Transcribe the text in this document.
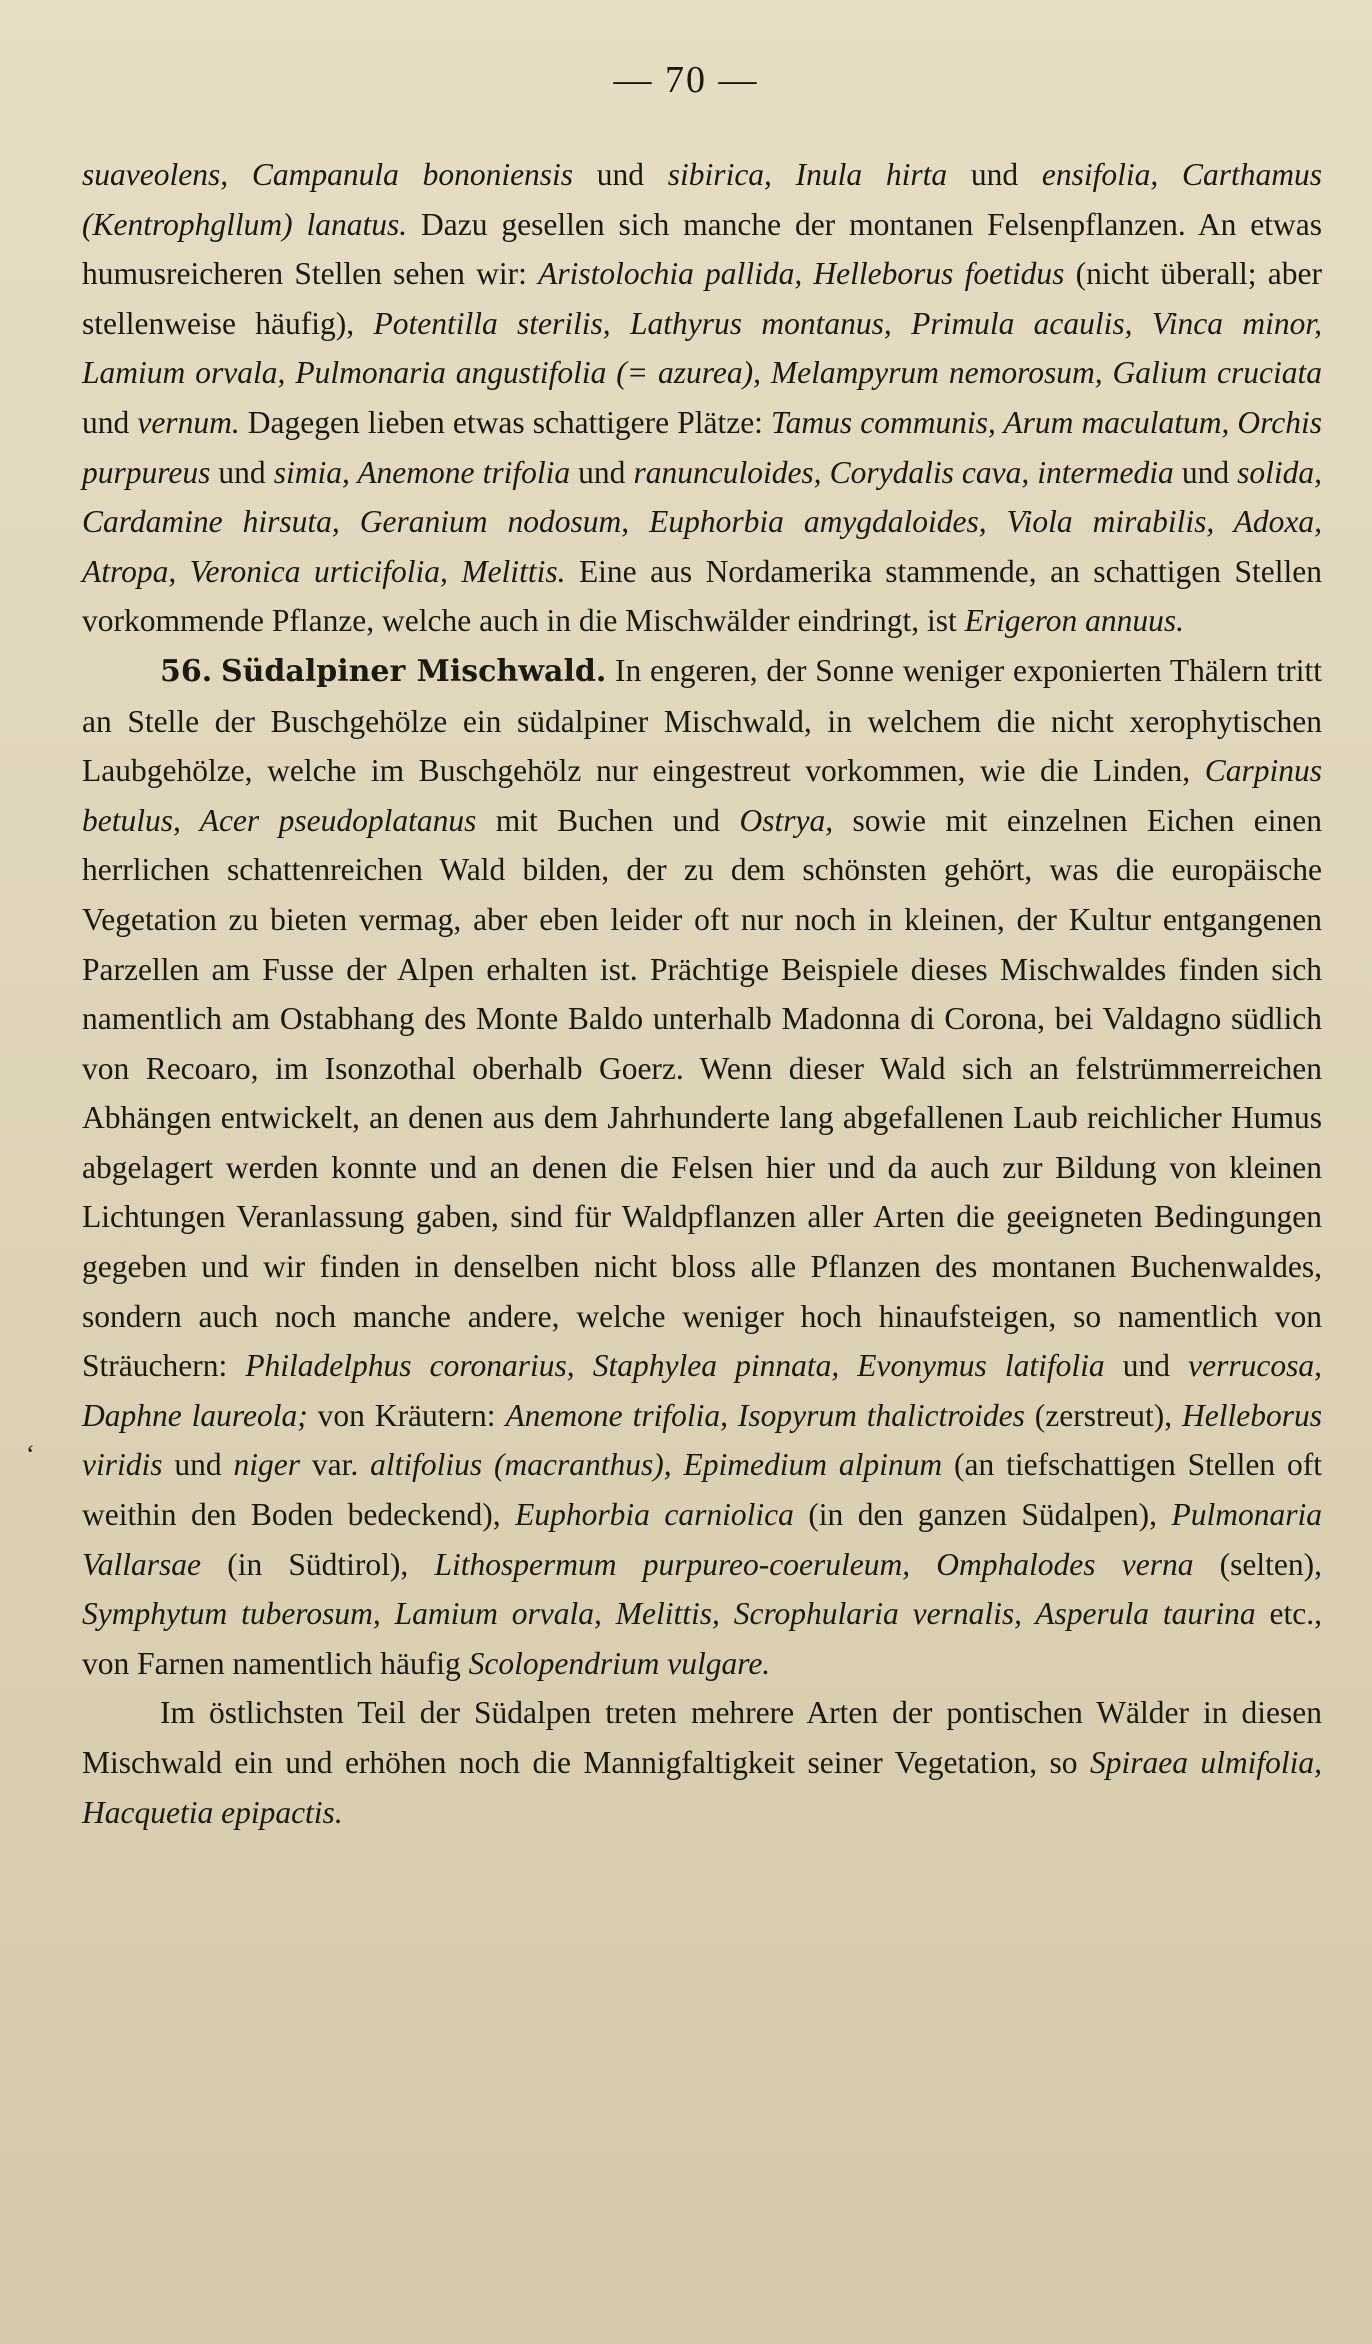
— 70 —
‘

suaveolens, Campanula bononiensis und sibirica, Inula hirta und ensifolia, Carthamus (Kentrophgllum) lanatus. Dazu gesellen sich manche der montanen Felsenpflanzen. An etwas humusreicheren Stellen sehen wir: Aristolochia pallida, Helleborus foetidus (nicht überall; aber stellenweise häufig), Potentilla sterilis, Lathyrus montanus, Primula acaulis, Vinca minor, Lamium orvala, Pulmonaria angustifolia (= azurea), Melampyrum nemorosum, Galium cruciata und vernum. Dagegen lieben etwas schattigere Plätze: Tamus communis, Arum maculatum, Orchis purpureus und simia, Anemone trifolia und ranunculoides, Corydalis cava, intermedia und solida, Cardamine hirsuta, Geranium nodosum, Euphorbia amygdaloides, Viola mirabilis, Adoxa, Atropa, Veronica urticifolia, Melittis. Eine aus Nordamerika stammende, an schattigen Stellen vorkommende Pflanze, welche auch in die Mischwälder eindringt, ist Erigeron annuus.

56. Südalpiner Mischwald. In engeren, der Sonne weniger exponierten Thälern tritt an Stelle der Buschgehölze ein südalpiner Mischwald, in welchem die nicht xerophytischen Laubgehölze, welche im Buschgehölz nur eingestreut vorkommen, wie die Linden, Carpinus betulus, Acer pseudoplatanus mit Buchen und Ostrya, sowie mit einzelnen Eichen einen herrlichen schattenreichen Wald bilden, der zu dem schönsten gehört, was die europäische Vegetation zu bieten vermag, aber eben leider oft nur noch in kleinen, der Kultur entgangenen Parzellen am Fusse der Alpen erhalten ist. Prächtige Beispiele dieses Mischwaldes finden sich namentlich am Ostabhang des Monte Baldo unterhalb Madonna di Corona, bei Valdagno südlich von Recoaro, im Isonzothal oberhalb Goerz. Wenn dieser Wald sich an felstrümmerreichen Abhängen entwickelt, an denen aus dem Jahrhunderte lang abgefallenen Laub reichlicher Humus abgelagert werden konnte und an denen die Felsen hier und da auch zur Bildung von kleinen Lichtungen Veranlassung gaben, sind für Waldpflanzen aller Arten die geeigneten Bedingungen gegeben und wir finden in denselben nicht bloss alle Pflanzen des montanen Buchenwaldes, sondern auch noch manche andere, welche weniger hoch hinaufsteigen, so namentlich von Sträuchern: Philadelphus coronarius, Staphylea pinnata, Evonymus latifolia und verrucosa, Daphne laureola; von Kräutern: Anemone trifolia, Isopyrum thalictroides (zerstreut), Helleborus viridis und niger var. altifolius (macranthus), Epimedium alpinum (an tiefschattigen Stellen oft weithin den Boden bedeckend), Euphorbia carniolica (in den ganzen Südalpen), Pulmonaria Vallarsae (in Südtirol), Lithospermum purpureo-coeruleum, Omphalodes verna (selten), Symphytum tuberosum, Lamium orvala, Melittis, Scrophularia vernalis, Asperula taurina etc., von Farnen namentlich häufig Scolopendrium vulgare.

Im östlichsten Teil der Südalpen treten mehrere Arten der pontischen Wälder in diesen Mischwald ein und erhöhen noch die Mannigfaltigkeit seiner Vegetation, so Spiraea ulmifolia, Hacquetia epipactis.
